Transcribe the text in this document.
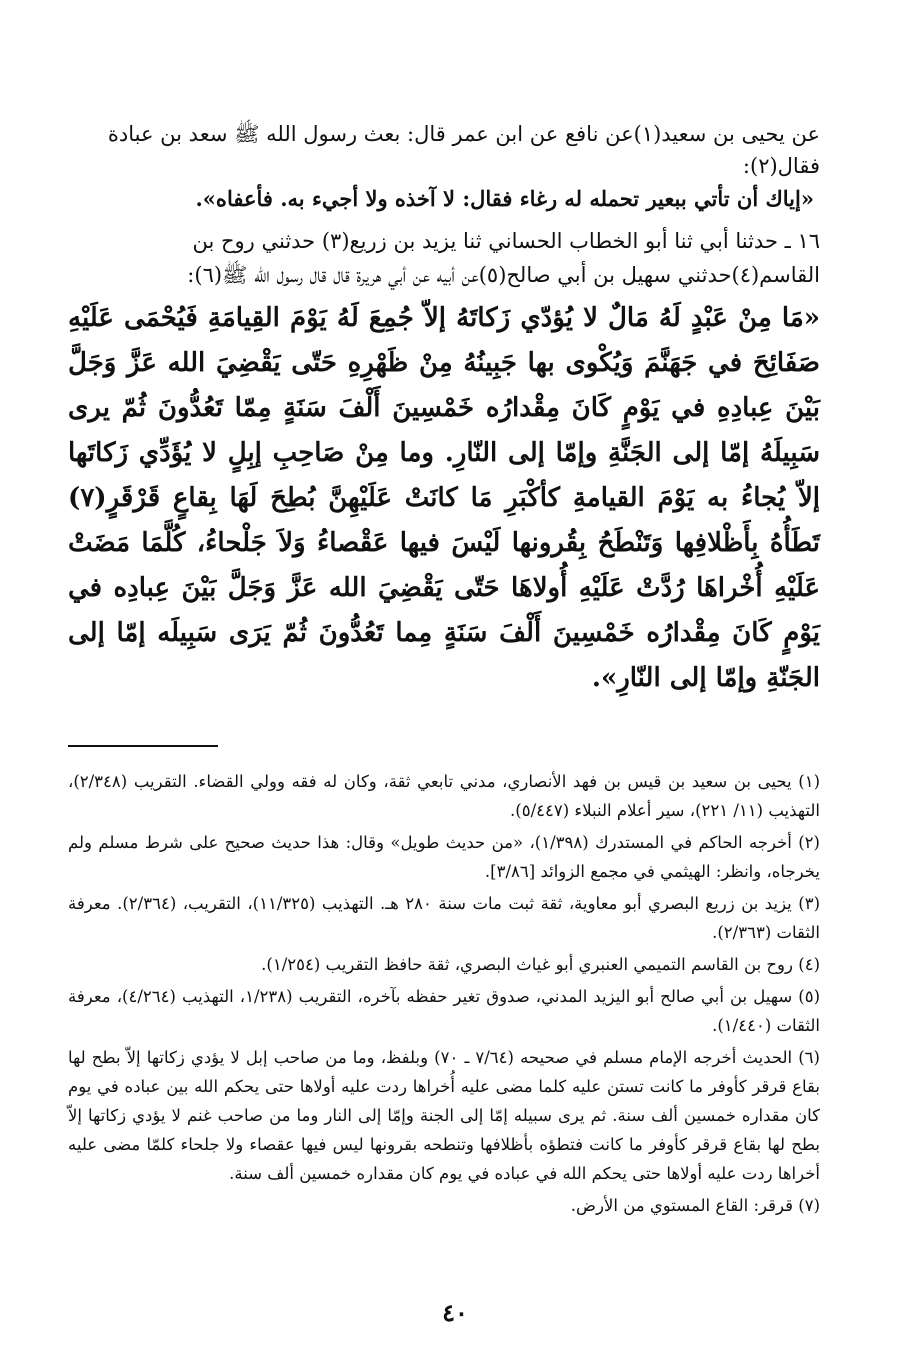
عن يحيى بن سعيد(١)عن نافع عن ابن عمر قال: بعث رسول الله ﷺ سعد بن عبادة

فقال(٢):

«إياك أن تأتي ببعير تحمله له رغاء فقال: لا آخذه ولا أجيء به. فأعفاه».

١٦ ـ حدثنا أبي ثنا أبو الخطاب الحساني ثنا يزيد بن زريع(٣) حدثني روح بن

القاسم(٤)حدثني سهيل بن أبي صالح(٥)عن أبيه عن أبي هريرة قال قال رسول الله ﷺ(٦):

«مَا مِنْ عَبْدٍ لَهُ مَالٌ لا يُؤدّي زَكاتَهُ إلاّ جُمِعَ لَهُ يَوْمَ القِيامَةِ فَيُحْمَى عَلَيْهِ صَفَائِحَ في جَهَنَّمَ وَيُكْوى بها جَبِينُهُ مِنْ ظَهْرِهِ حَتّى يَقْضِيَ الله عَزَّ وَجَلَّ بَيْنَ عِبادِهِ في يَوْمٍ كَانَ مِقْدارُه خَمْسِينَ أَلْفَ سَنَةٍ مِمّا تَعُدُّونَ ثُمّ يرى سَبِيلَهُ إمّا إلى الجَنَّةِ وإمّا إلى النّارِ. وما مِنْ صَاحِبِ إبِلٍ لا يُؤَدِّي زَكاتَها إلاّ يُجاءُ به يَوْمَ القيامةِ كأكْبَرِ مَا كانَتْ عَلَيْهِنَّ بُطِحَ لَهَا بِقاعٍ قَرْقَرٍ(٧) تَطَأُهُ بِأَظْلافِها وَتَنْطَحُ بِقُرونها لَيْسَ فيها عَقْصاءُ وَلاَ جَلْحاءُ، كُلَّمَا مَضَتْ عَلَيْهِ أُخْراهَا رُدَّتْ عَلَيْهِ أُولاهَا حَتّى يَقْضِيَ الله عَزَّ وَجَلَّ بَيْنَ عِبادِه في يَوْمٍ كَانَ مِقْدارُه خَمْسِينَ أَلْفَ سَنَةٍ مِما تَعُدُّونَ ثُمّ يَرَى سَبِيلَه إمّا إلى الجَنّةِ وإمّا إلى النّارِ».

(١) يحيى بن سعيد بن قيس بن فهد الأنصاري، مدني تابعي ثقة، وكان له فقه وولي القضاء. التقريب (٢/٣٤٨)، التهذيب (١١/ ٢٢١)، سير أعلام النبلاء (٥/٤٤٧).

(٢) أخرجه الحاكم في المستدرك (١/٣٩٨)، «من حديث طويل» وقال: هذا حديث صحيح على شرط مسلم ولم يخرجاه، وانظر: الهيثمي في مجمع الزوائد [٣/٨٦].

(٣) يزيد بن زريع البصري أبو معاوية، ثقة ثبت مات سنة ٢٨٠ هـ. التهذيب (١١/٣٢٥)، التقريب، (٢/٣٦٤). معرفة الثقات (٢/٣٦٣).

(٤) روح بن القاسم التميمي العنبري أبو غياث البصري، ثقة حافظ التقريب (١/٢٥٤).

(٥) سهيل بن أبي صالح أبو اليزيد المدني، صدوق تغير حفظه بآخره، التقريب (١/٢٣٨، التهذيب (٤/٢٦٤)، معرفة الثقات (١/٤٤٠).

(٦) الحديث أخرجه الإمام مسلم في صحيحه (٧/٦٤ ـ ٧٠) وبلفظ، وما من صاحب إبل لا يؤدي زكاتها إلاّ بطح لها بقاع قرقر كأوفر ما كانت تستن عليه كلما مضى عليه أُخراها ردت عليه أولاها حتى يحكم الله بين عباده في يوم كان مقداره خمسين ألف سنة. ثم يرى سبيله إمّا إلى الجنة وإمّا إلى النار وما من صاحب غنم لا يؤدي زكاتها إلاّ بطح لها بقاع قرقر كأوفر ما كانت فتطؤه بأظلافها وتنطحه بقرونها ليس فيها عقصاء ولا جلحاء كلمّا مضى عليه أخراها ردت عليه أولاها حتى يحكم الله في عباده في يوم كان مقداره خمسين ألف سنة.

(٧) قرقر: القاع المستوي من الأرض.

٤٠
